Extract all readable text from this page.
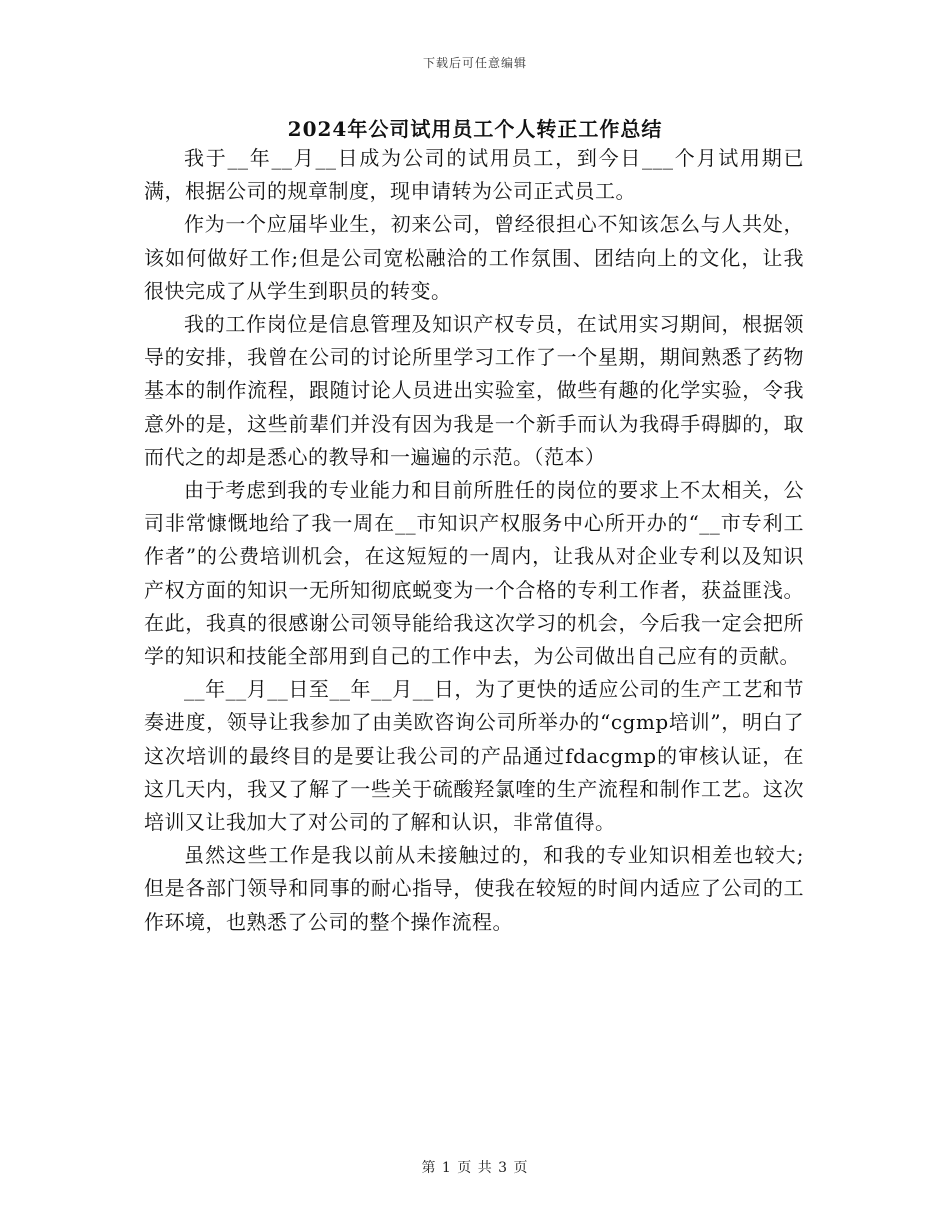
下载后可任意编辑
2024年公司试用员工个人转正工作总结

我于__年__月__日成为公司的试用员工，到今日___个月试用期已满，根据公司的规章制度，现申请转为公司正式员工。

作为一个应届毕业生，初来公司，曾经很担心不知该怎么与人共处，该如何做好工作;但是公司宽松融洽的工作氛围、团结向上的文化，让我很快完成了从学生到职员的转变。

我的工作岗位是信息管理及知识产权专员，在试用实习期间，根据领导的安排，我曾在公司的讨论所里学习工作了一个星期，期间熟悉了药物基本的制作流程，跟随讨论人员进出实验室，做些有趣的化学实验，令我意外的是，这些前辈们并没有因为我是一个新手而认为我碍手碍脚的，取而代之的却是悉心的教导和一遍遍的示范。（范本）

由于考虑到我的专业能力和目前所胜任的岗位的要求上不太相关，公司非常慷慨地给了我一周在__市知识产权服务中心所开办的“__市专利工作者”的公费培训机会，在这短短的一周内，让我从对企业专利以及知识产权方面的知识一无所知彻底蜕变为一个合格的专利工作者，获益匪浅。在此，我真的很感谢公司领导能给我这次学习的机会，今后我一定会把所学的知识和技能全部用到自己的工作中去，为公司做出自己应有的贡献。

__年__月__日至__年__月__日，为了更快的适应公司的生产工艺和节奏进度，领导让我参加了由美欧咨询公司所举办的“cgmp培训”，明白了这次培训的最终目的是要让我公司的产品通过fdacgmp的审核认证，在这几天内，我又了解了一些关于硫酸羟氯喹的生产流程和制作工艺。这次培训又让我加大了对公司的了解和认识，非常值得。

虽然这些工作是我以前从未接触过的，和我的专业知识相差也较大;但是各部门领导和同事的耐心指导，使我在较短的时间内适应了公司的工作环境，也熟悉了公司的整个操作流程。

第 1 页 共 3 页
